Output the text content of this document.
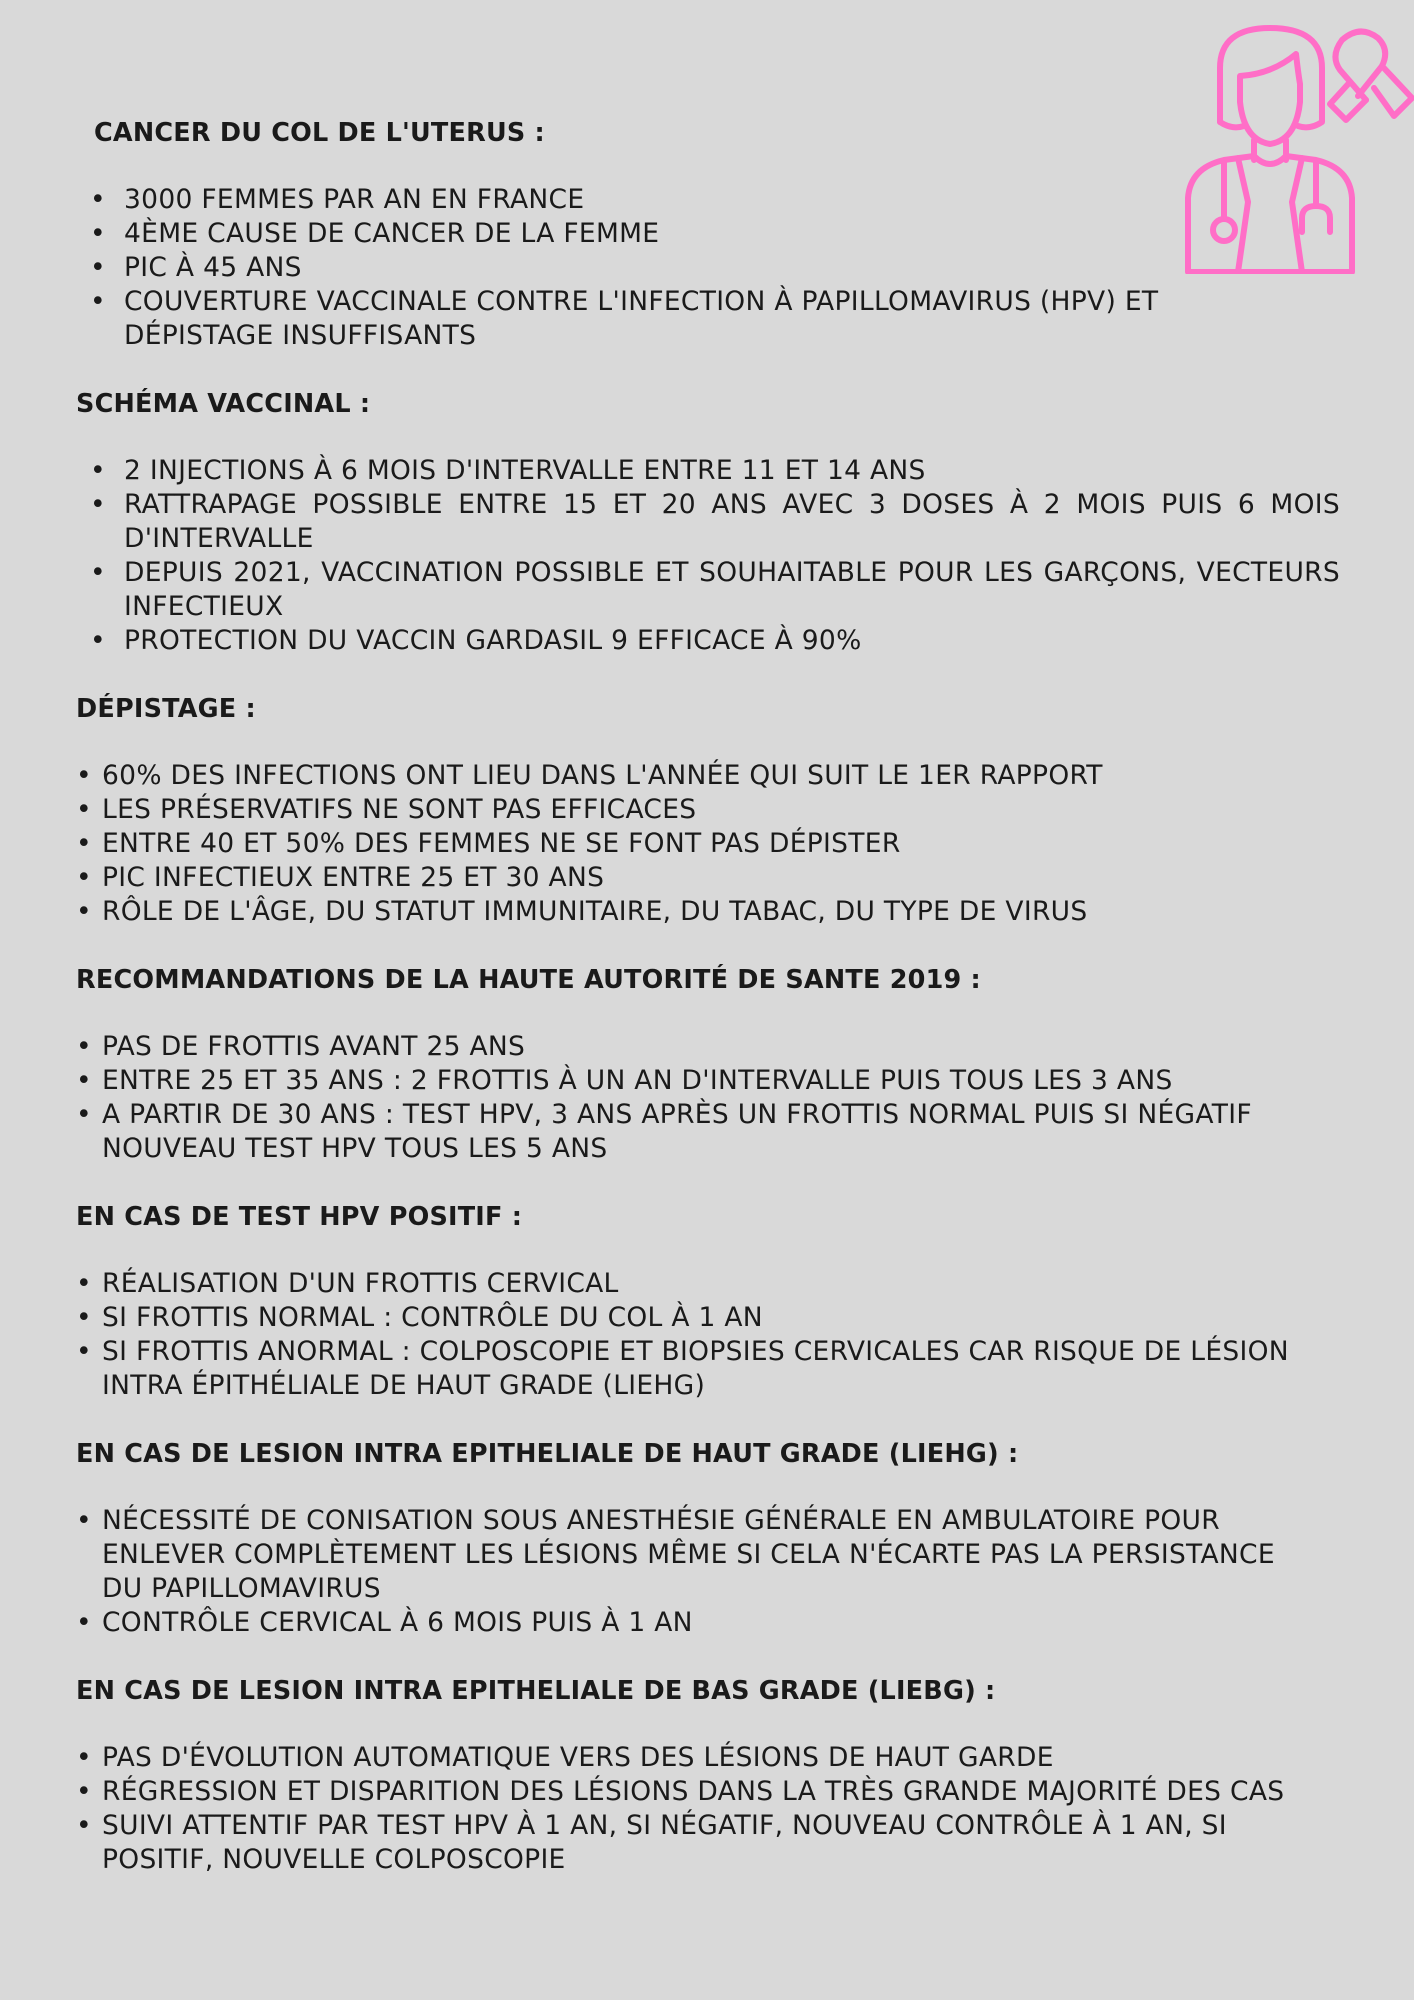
CANCER DU COL DE L'UTERUS :
• 3000 FEMMES PAR AN EN FRANCE
• 4ÈME CAUSE DE CANCER DE LA FEMME
• PIC À 45 ANS
• COUVERTURE VACCINALE CONTRE L'INFECTION À PAPILLOMAVIRUS (HPV) ET DÉPISTAGE INSUFFISANTS
SCHÉMA VACCINAL :
• 2 INJECTIONS À 6 MOIS D'INTERVALLE ENTRE 11 ET 14 ANS
• RATTRAPAGE POSSIBLE ENTRE 15 ET 20 ANS AVEC 3 DOSES À 2 MOIS PUIS 6 MOIS D'INTERVALLE
• DEPUIS 2021, VACCINATION POSSIBLE ET SOUHAITABLE POUR LES GARÇONS, VECTEURS INFECTIEUX
• PROTECTION DU VACCIN GARDASIL 9 EFFICACE À 90%
DÉPISTAGE :
• 60% DES INFECTIONS ONT LIEU DANS L'ANNÉE QUI SUIT LE 1ER RAPPORT
• LES PRÉSERVATIFS NE SONT PAS EFFICACES
• ENTRE 40 ET 50% DES FEMMES NE SE FONT PAS DÉPISTER
• PIC INFECTIEUX ENTRE 25 ET 30 ANS
• RÔLE DE L'ÂGE, DU STATUT IMMUNITAIRE, DU TABAC, DU TYPE DE VIRUS
RECOMMANDATIONS DE LA HAUTE AUTORITÉ DE SANTE 2019 :
• PAS DE FROTTIS AVANT 25 ANS
• ENTRE 25 ET 35 ANS : 2 FROTTIS À UN AN D'INTERVALLE PUIS TOUS LES 3 ANS
• A PARTIR DE 30 ANS : TEST HPV, 3 ANS APRÈS UN FROTTIS NORMAL PUIS SI NÉGATIF NOUVEAU TEST HPV TOUS LES 5 ANS
EN CAS DE TEST HPV POSITIF :
• RÉALISATION D'UN FROTTIS CERVICAL
• SI FROTTIS NORMAL : CONTRÔLE DU COL À 1 AN
• SI FROTTIS ANORMAL : COLPOSCOPIE ET BIOPSIES CERVICALES CAR RISQUE DE LÉSION INTRA ÉPITHÉLIALE DE HAUT GRADE (LIEHG)
EN CAS DE LESION INTRA EPITHELIALE DE HAUT GRADE (LIEHG) :
• NÉCESSITÉ DE CONISATION SOUS ANESTHÉSIE GÉNÉRALE EN AMBULATOIRE POUR ENLEVER COMPLÈTEMENT LES LÉSIONS MÊME SI CELA N'ÉCARTE PAS LA PERSISTANCE DU PAPILLOMAVIRUS
• CONTRÔLE CERVICAL À 6 MOIS PUIS À 1 AN
EN CAS DE LESION INTRA EPITHELIALE DE BAS GRADE (LIEBG) :
• PAS D'ÉVOLUTION AUTOMATIQUE VERS DES LÉSIONS DE HAUT GARDE
• RÉGRESSION ET DISPARITION DES LÉSIONS DANS LA TRÈS GRANDE MAJORITÉ DES CAS
• SUIVI ATTENTIF PAR TEST HPV À 1 AN, SI NÉGATIF, NOUVEAU CONTRÔLE À 1 AN, SI POSITIF, NOUVELLE COLPOSCOPIE
